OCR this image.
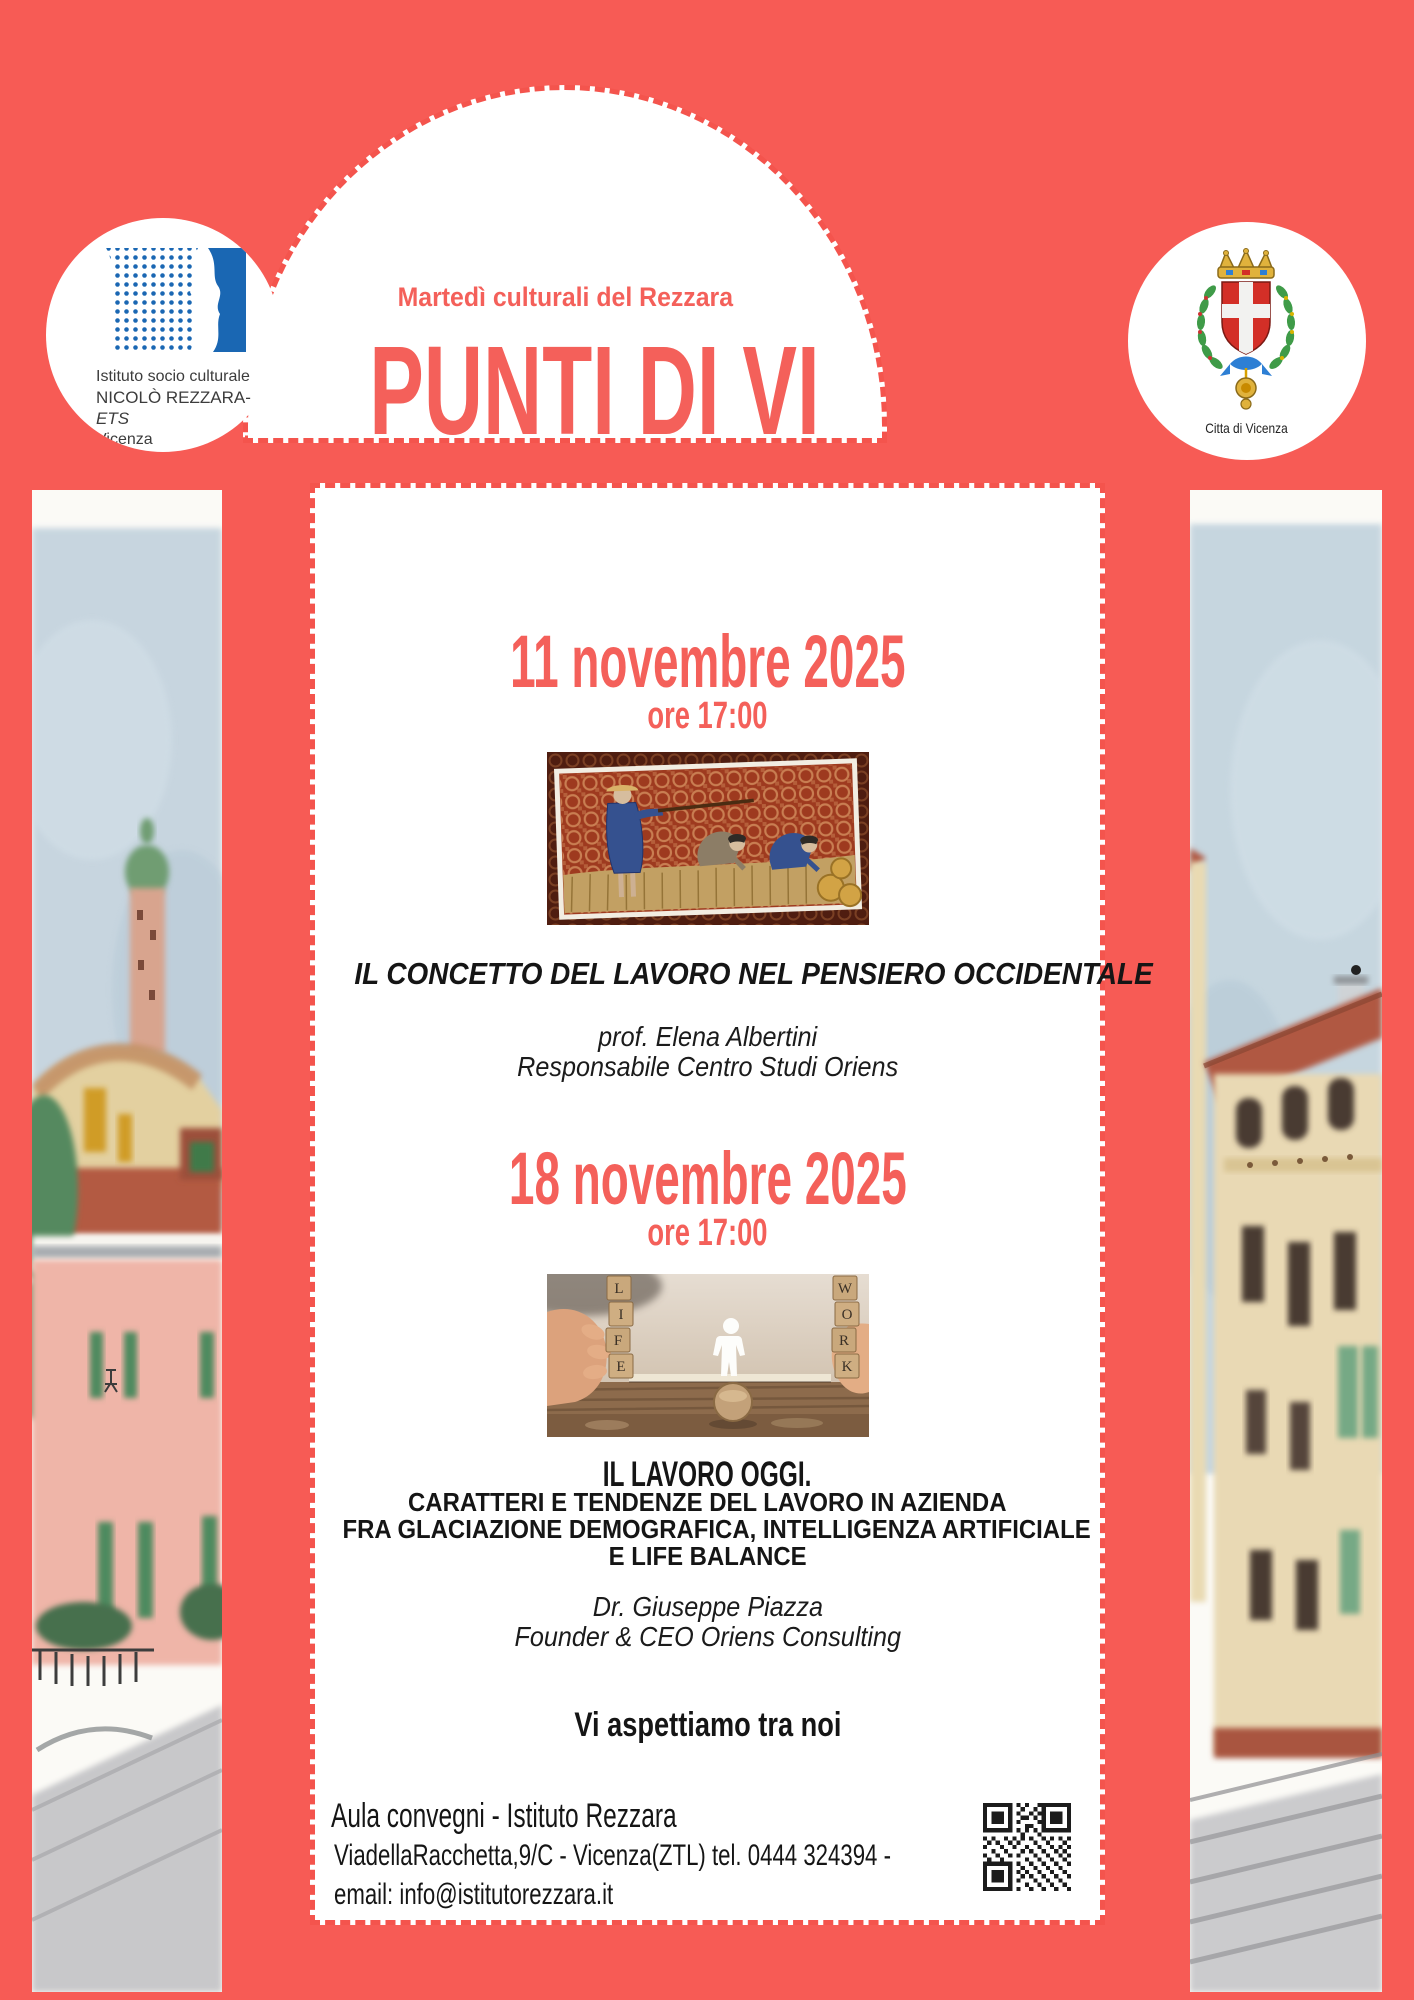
Martedì culturali del Rezzara
PUNTI DI VI
Istituto socio culturale
NICOLÒ REZZARA-ETS
Vicenza
Citta di Vicenza
11 novembre 2025
ore 17:00
IL CONCETTO DEL LAVORO NEL PENSIERO OCCIDENTALE
prof. Elena Albertini
Responsabile Centro Studi Oriens
18 novembre 2025
ore 17:00
L
I
F
E
W
O
R
K
IL LAVORO OGGI.
CARATTERI E TENDENZE DEL LAVORO IN AZIENDA
FRA GLACIAZIONE DEMOGRAFICA, INTELLIGENZA ARTIFICIALE
E LIFE BALANCE
Dr. Giuseppe Piazza
Founder & CEO Oriens Consulting
Vi aspettiamo tra noi
Aula convegni - Istituto Rezzara
ViadellaRacchetta,9/C - Vicenza(ZTL) tel. 0444 324394 -
email: info@istitutorezzara.it
